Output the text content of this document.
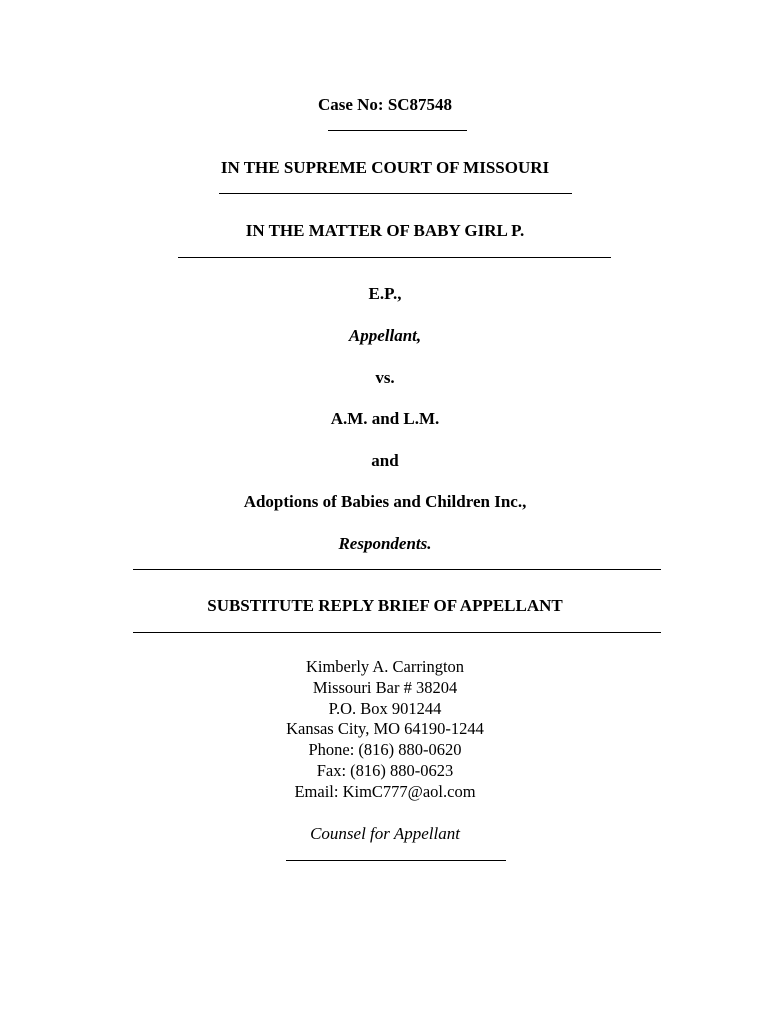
Case No: SC87548
IN THE SUPREME COURT OF MISSOURI
IN THE MATTER OF BABY GIRL P.
E.P.,
Appellant,
vs.
A.M. and L.M.
and
Adoptions of Babies and Children Inc.,
Respondents.
SUBSTITUTE REPLY BRIEF OF APPELLANT
Kimberly A. Carrington
Missouri Bar # 38204
P.O. Box 901244
Kansas City, MO 64190-1244
Phone: (816) 880-0620
Fax: (816) 880-0623
Email: KimC777@aol.com
Counsel for Appellant
